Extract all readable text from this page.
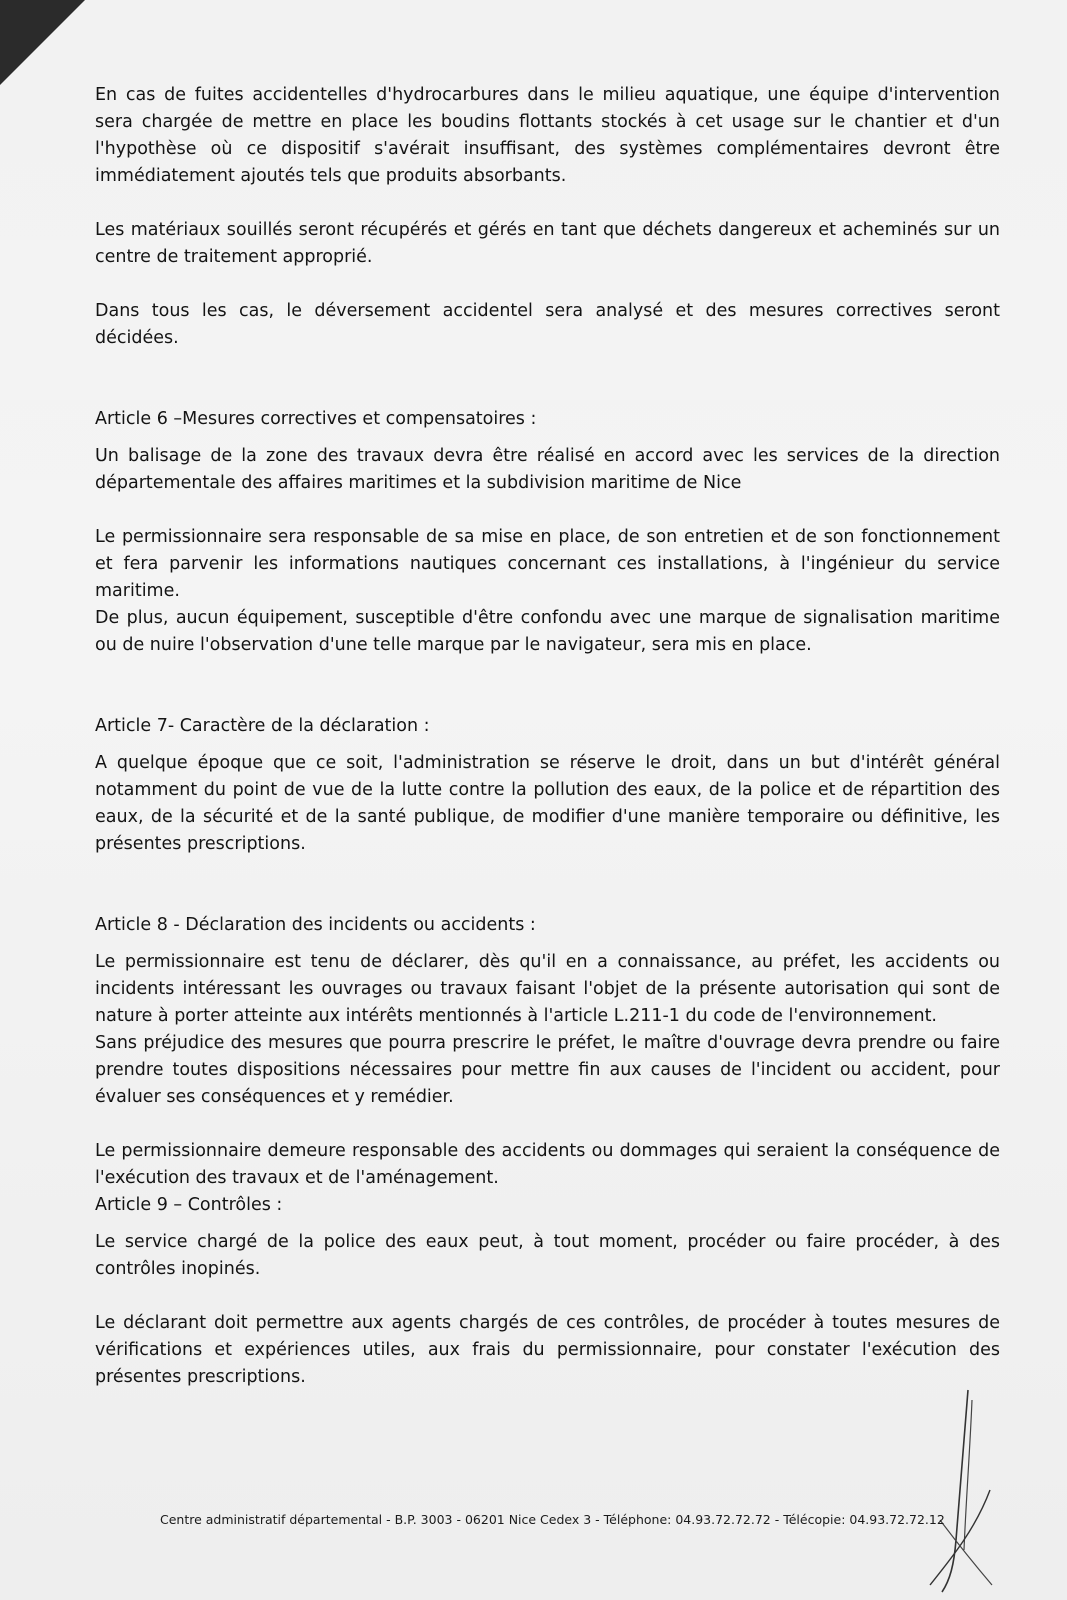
En cas de fuites accidentelles d'hydrocarbures dans le milieu aquatique, une équipe d'intervention sera chargée de mettre en place les boudins flottants stockés à cet usage sur le chantier et d'un l'hypothèse où ce dispositif s'avérait insuffisant, des systèmes complémentaires devront être immédiatement ajoutés tels que produits absorbants.

Les matériaux souillés seront récupérés et gérés en tant que déchets dangereux et acheminés sur un centre de traitement approprié.

Dans tous les cas, le déversement accidentel sera analysé et des mesures correctives seront décidées.

Article 6 –Mesures correctives et compensatoires :

Un balisage de la zone des travaux devra être réalisé en accord avec les services de la direction départementale des affaires maritimes et la subdivision maritime de Nice

Le permissionnaire sera responsable de sa mise en place, de son entretien et de son fonctionnement et fera parvenir les informations nautiques concernant ces installations, à l'ingénieur du service maritime.

De plus, aucun équipement, susceptible d'être confondu avec une marque de signalisation maritime ou de nuire l'observation d'une telle marque par le navigateur, sera mis en place.

Article 7- Caractère de la déclaration :

A quelque époque que ce soit, l'administration se réserve le droit, dans un but d'intérêt général notamment du point de vue de la lutte contre la pollution des eaux, de la police et de répartition des eaux, de la sécurité et de la santé publique, de modifier d'une manière temporaire ou définitive, les présentes prescriptions.

Article 8 - Déclaration des incidents ou accidents :

Le permissionnaire est tenu de déclarer, dès qu'il en a connaissance, au préfet, les accidents ou incidents intéressant les ouvrages ou travaux faisant l'objet de la présente autorisation qui sont de nature à porter atteinte aux intérêts mentionnés à l'article L.211-1 du code de l'environnement.

Sans préjudice des mesures que pourra prescrire le préfet, le maître d'ouvrage devra prendre ou faire prendre toutes dispositions nécessaires pour mettre fin aux causes de l'incident ou accident, pour évaluer ses conséquences et y remédier.

Le permissionnaire demeure responsable des accidents ou dommages qui seraient la conséquence de l'exécution des travaux et de l'aménagement.

Article 9 – Contrôles :

Le service chargé de la police des eaux peut, à tout moment, procéder ou faire procéder, à des contrôles inopinés.

Le déclarant doit permettre aux agents chargés de ces contrôles, de procéder à toutes mesures de vérifications et expériences utiles, aux frais du permissionnaire, pour constater l'exécution des présentes prescriptions.

Centre administratif départemental - B.P. 3003 - 06201 Nice Cedex 3 - Téléphone: 04.93.72.72.72 - Télécopie: 04.93.72.72.12
